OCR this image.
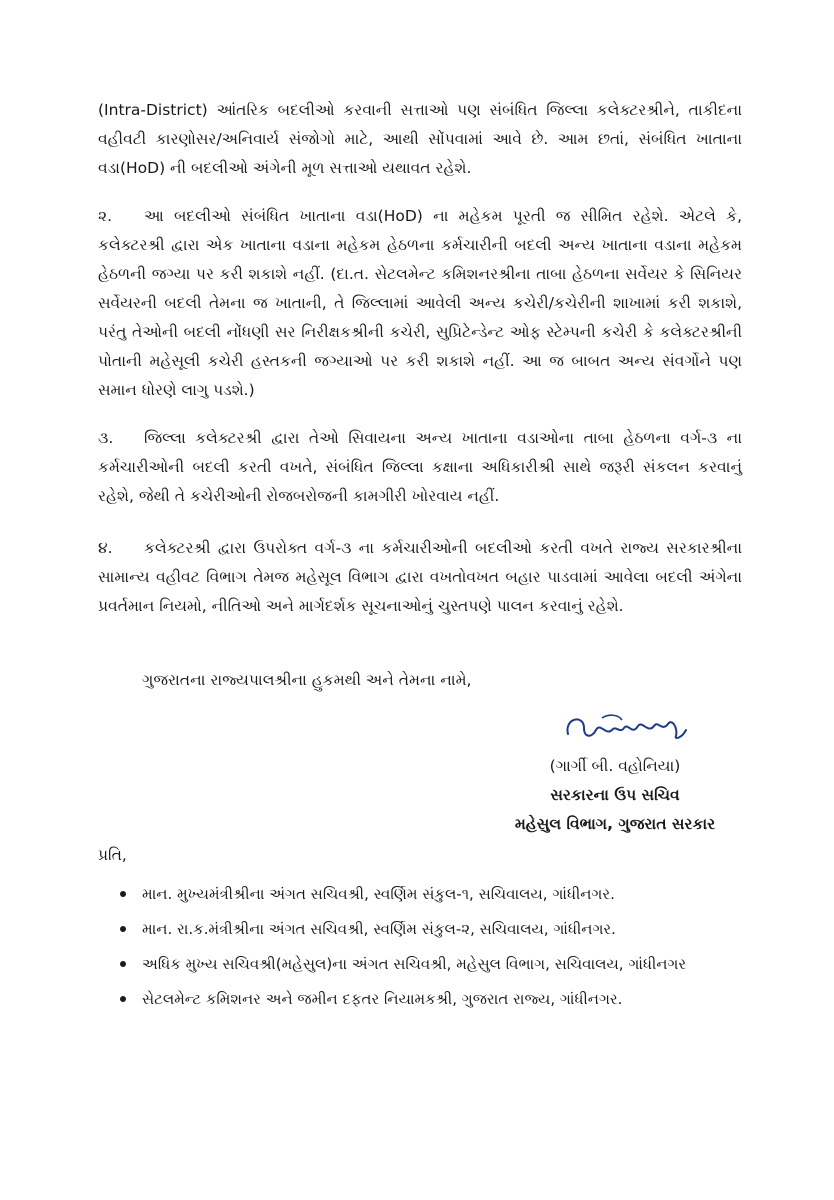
(Intra-District) આંતરિક બદલીઓ કરવાની સત્તાઓ પણ સંબંધિત જિલ્લા કલેક્ટરશ્રીને, તાકીદના વહીવટી કારણોસર/અનિવાર્ય સંજોગો માટે, આથી સોંપવામાં આવે છે. આમ છતાં, સંબંધિત ખાતાના વડા(HoD) ની બદલીઓ અંગેની મૂળ સત્તાઓ યથાવત રહેશે.
૨. આ બદલીઓ સંબંધિત ખાતાના વડા(HoD) ના મહેકમ પૂરતી જ સીમિત રહેશે. એટલે કે, કલેક્ટરશ્રી દ્વારા એક ખાતાના વડાના મહેકમ હેઠળના કર્મચારીની બદલી અન્ય ખાતાના વડાના મહેકમ હેઠળની જગ્યા પર કરી શકાશે નહીં. (દા.ત. સેટલમેન્ટ કમિશનરશ્રીના તાબા હેઠળના સર્વેયર કે સિનિયર સર્વેયરની બદલી તેમના જ ખાતાની, તે જિલ્લામાં આવેલી અન્ય કચેરી/કચેરીની શાખામાં કરી શકાશે, પરંતુ તેઓની બદલી નોંધણી સર નિરીક્ષકશ્રીની કચેરી, સુપ્રિટેન્ડેન્ટ ઓફ સ્ટેમ્પની કચેરી કે કલેક્ટરશ્રીની પોતાની મહેસૂલી કચેરી હસ્તકની જગ્યાઓ પર કરી શકાશે નહીં. આ જ બાબત અન્ય સંવર્ગોને પણ સમાન ધોરણે લાગુ પડશે.)
૩. જિલ્લા કલેક્ટરશ્રી દ્વારા તેઓ સિવાયના અન્ય ખાતાના વડાઓના તાબા હેઠળના વર્ગ-૩ ના કર્મચારીઓની બદલી કરતી વખતે, સંબંધિત જિલ્લા કક્ષાના અધિકારીશ્રી સાથે જરૂરી સંકલન કરવાનું રહેશે, જેથી તે કચેરીઓની રોજબરોજની કામગીરી ખોરવાય નહીં.
૪. કલેક્ટરશ્રી દ્વારા ઉપરોક્ત વર્ગ-૩ ના કર્મચારીઓની બદલીઓ કરતી વખતે રાજ્ય સરકારશ્રીના સામાન્ય વહીવટ વિભાગ તેમજ મહેસૂલ વિભાગ દ્વારા વખતોવખત બહાર પાડવામાં આવેલા બદલી અંગેના પ્રવર્તમાન નિયમો, નીતિઓ અને માર્ગદર્શક સૂચનાઓનું ચુસ્તપણે પાલન કરવાનું રહેશે.
ગુજરાતના રાજ્યપાલશ્રીના હુકમથી અને તેમના નામે,
(ગાર્ગી બી. વહોનિયા)
સરકારના ઉપ સચિવ
મહેસુલ વિભાગ, ગુજરાત સરકાર
પ્રતિ,
માન. મુખ્યમંત્રીશ્રીના અંગત સચિવશ્રી, સ્વર્ણિમ સંકુલ-૧, સચિવાલય, ગાંધીનગર.
માન. રા.ક.મંત્રીશ્રીના અંગત સચિવશ્રી, સ્વર્ણિમ સંકુલ-૨, સચિવાલય, ગાંધીનગર.
અધિક મુખ્ય સચિવશ્રી(મહેસુલ)ના અંગત સચિવશ્રી, મહેસુલ વિભાગ, સચિવાલય, ગાંધીનગર
સેટલમેન્ટ કમિશનર અને જમીન દફતર નિયામકશ્રી, ગુજરાત રાજ્ય, ગાંધીનગર.
